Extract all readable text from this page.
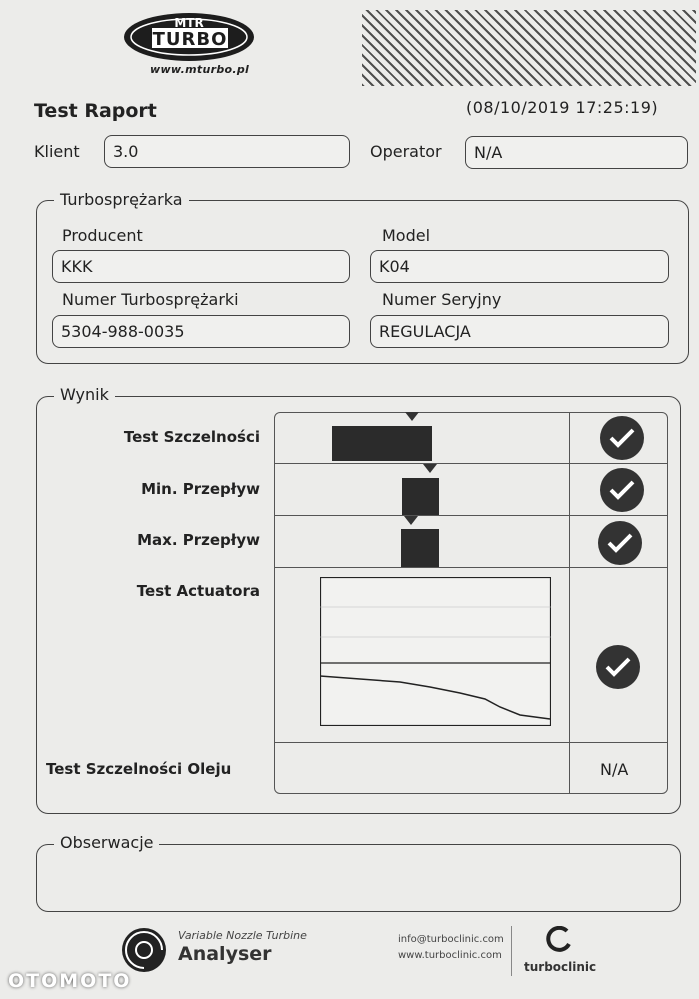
MTR
TURBO
www.mturbo.pl
Test Raport	(08/10/2019 17:25:19)
Klient	3.0	Operator	N/A
Turbosprężarka
Producent
KKK
Model
K04
Numer Turbosprężarki
5304-988-0035
Numer Seryjny
REGULACJA
Wynik
Test Szczelności
Min. Przepływ
Max. Przepływ
Test Actuatora
Test Szczelności Oleju	N/A
Obserwacje
Variable Nozzle Turbine
Analyser
info@turboclinic.com
www.turboclinic.com
turboclinic
OTOMOTO
